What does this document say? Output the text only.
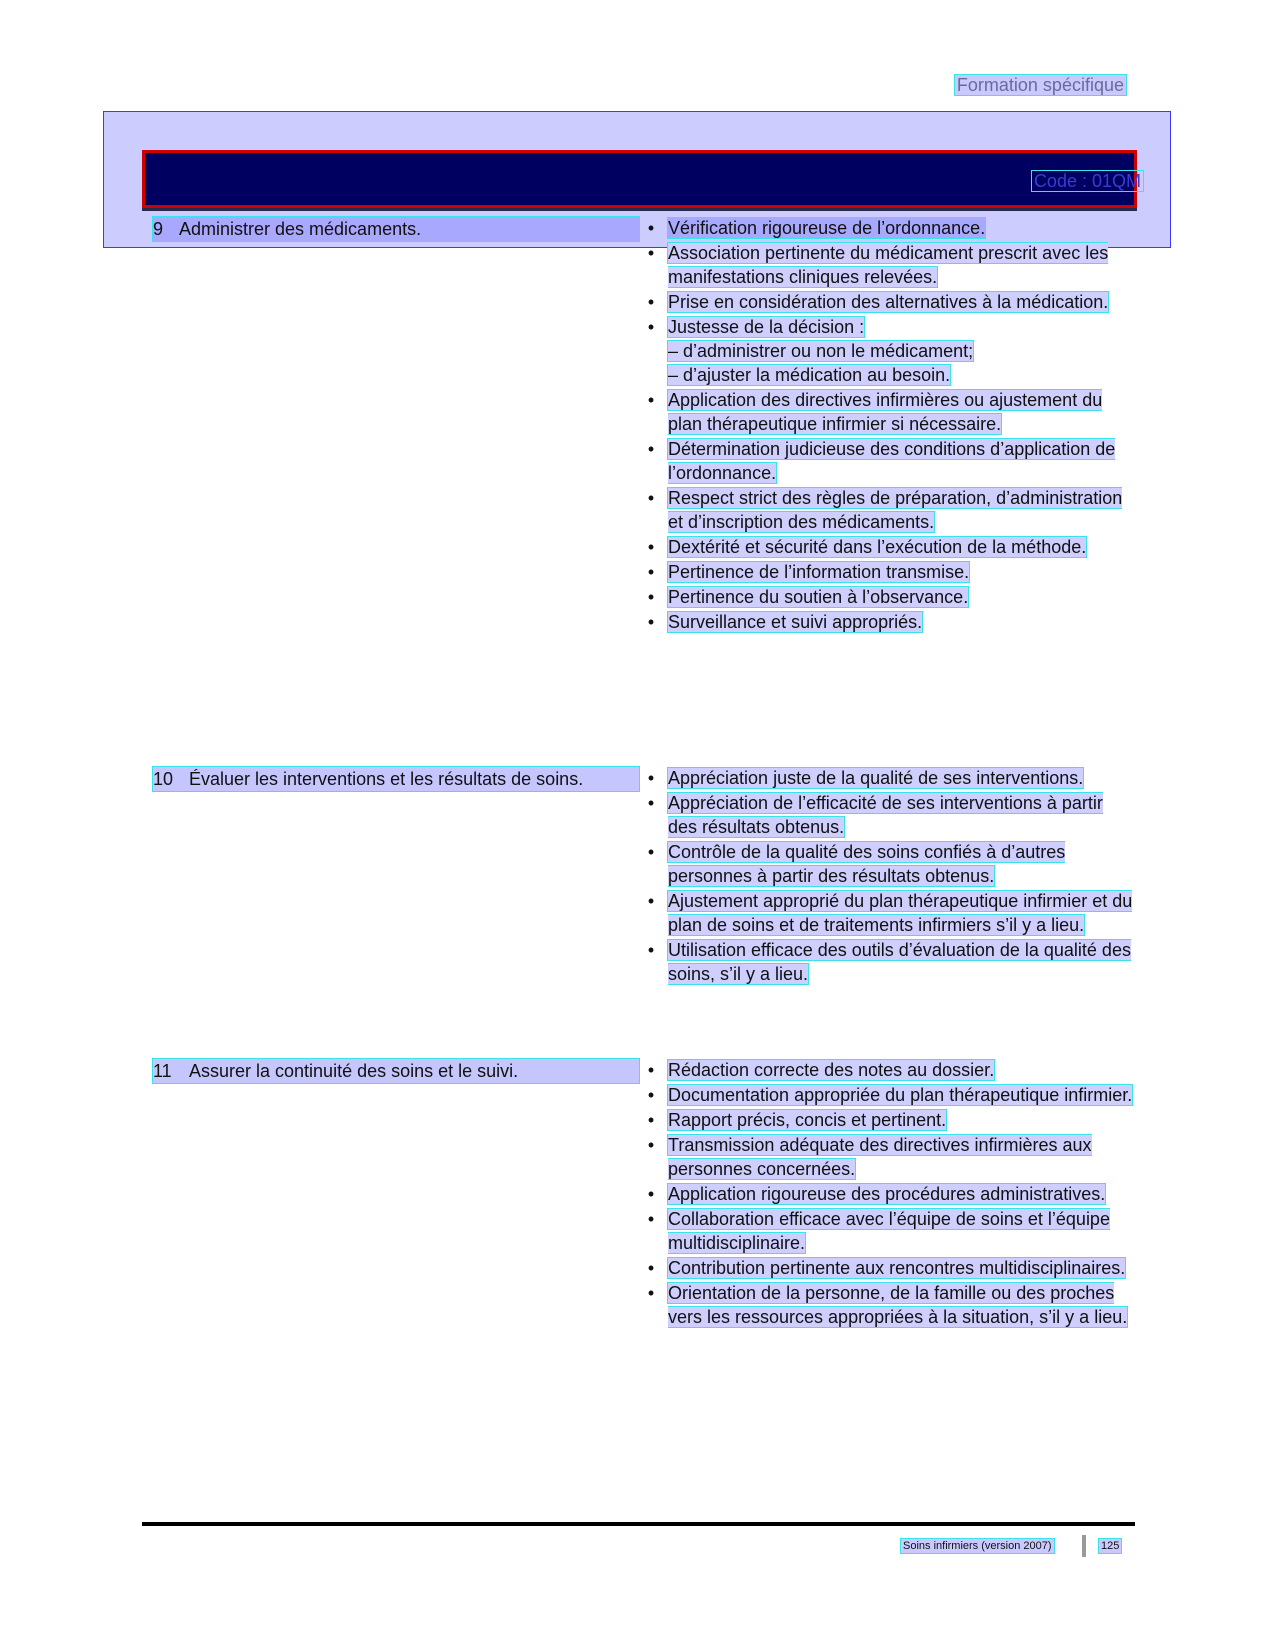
Formation spécifique
Code : 01QM
9 Administrer des médicaments.	• Vérification rigoureuse de l’ordonnance.
• Association pertinente du médicament prescrit avec les manifestations cliniques relevées.
• Prise en considération des alternatives à la médication.
• Justesse de la décision :
– d’administrer ou non le médicament;
– d’ajuster la médication au besoin.
• Application des directives infirmières ou ajustement du plan thérapeutique infirmier si nécessaire.
• Détermination judicieuse des conditions d’application de l’ordonnance.
• Respect strict des règles de préparation, d’administration et d’inscription des médicaments.
• Dextérité et sécurité dans l’exécution de la méthode.
• Pertinence de l’information transmise.
• Pertinence du soutien à l’observance.
• Surveillance et suivi appropriés.
10 Évaluer les interventions et les résultats de soins.	• Appréciation juste de la qualité de ses interventions.
• Appréciation de l’efficacité de ses interventions à partir des résultats obtenus.
• Contrôle de la qualité des soins confiés à d’autres personnes à partir des résultats obtenus.
• Ajustement approprié du plan thérapeutique infirmier et du plan de soins et de traitements infirmiers s’il y a lieu.
• Utilisation efficace des outils d’évaluation de la qualité des soins, s’il y a lieu.
11 Assurer la continuité des soins et le suivi.	• Rédaction correcte des notes au dossier.
• Documentation appropriée du plan thérapeutique infirmier.
• Rapport précis, concis et pertinent.
• Transmission adéquate des directives infirmières aux personnes concernées.
• Application rigoureuse des procédures administratives.
• Collaboration efficace avec l’équipe de soins et l’équipe multidisciplinaire.
• Contribution pertinente aux rencontres multidisciplinaires.
• Orientation de la personne, de la famille ou des proches vers les ressources appropriées à la situation, s’il y a lieu.
Soins infirmiers (version 2007)	125
